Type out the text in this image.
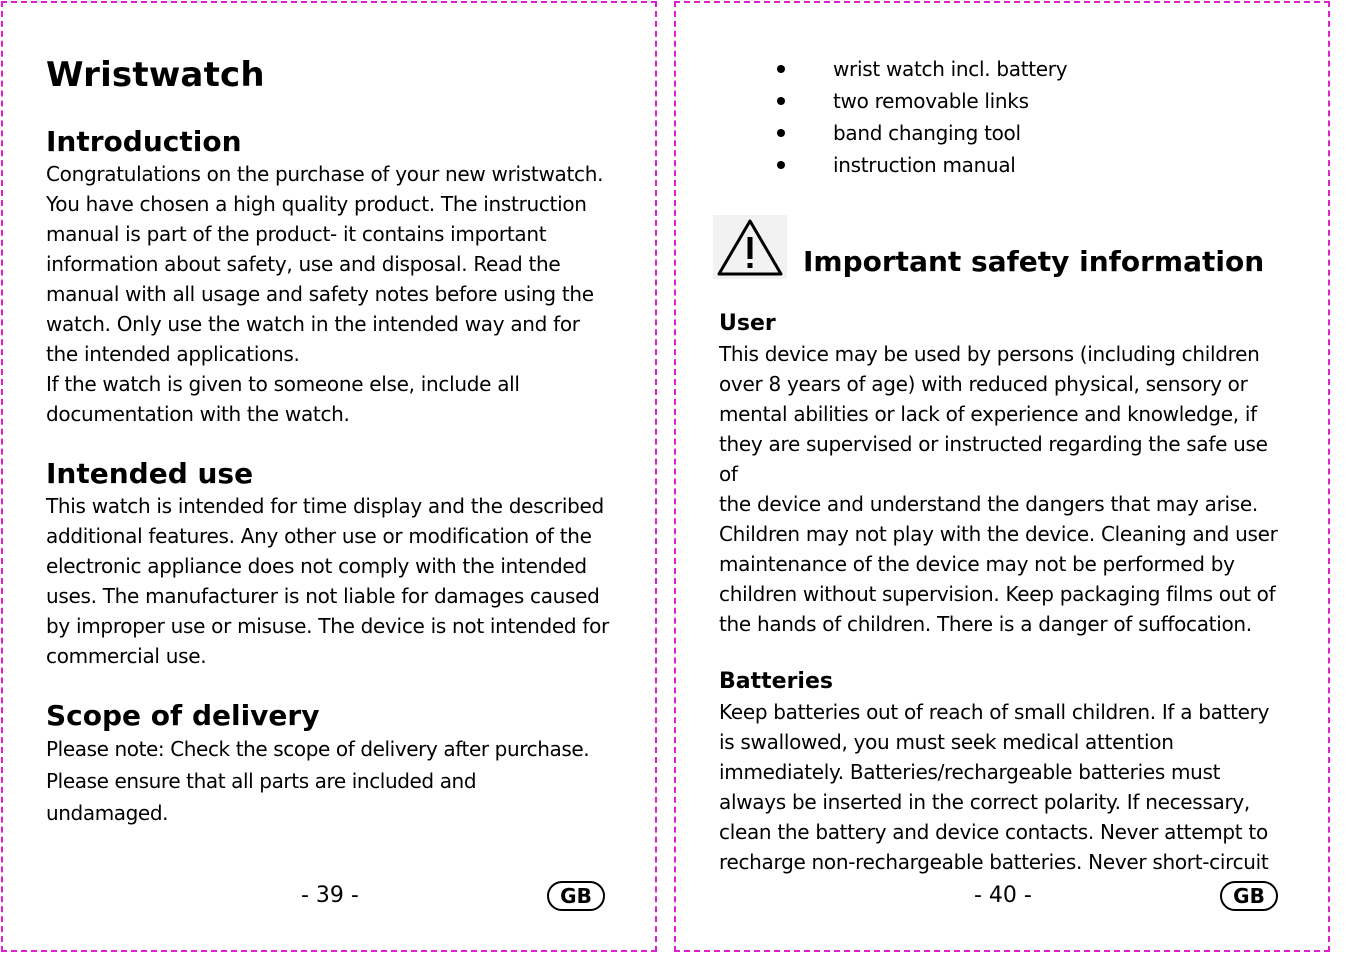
Wristwatch
Introduction

Congratulations on the purchase of your new wristwatch.
You have chosen a high quality product. The instruction
manual is part of the product- it contains important
information about safety, use and disposal. Read the
manual with all usage and safety notes before using the
watch. Only use the watch in the intended way and for
the intended applications.
If the watch is given to someone else, include all
documentation with the watch.

Intended use

This watch is intended for time display and the described
additional features. Any other use or modification of the
electronic appliance does not comply with the intended
uses. The manufacturer is not liable for damages caused
by improper use or misuse. The device is not intended for
commercial use.

Scope of delivery

Please note: Check the scope of delivery after purchase.
Please ensure that all parts are included and
undamaged.

- 39 -	GB
wrist watch incl. battery
two removable links
band changing tool
instruction manual
Important safety information
User

This device may be used by persons (including children
over 8 years of age) with reduced physical, sensory or
mental abilities or lack of experience and knowledge, if
they are supervised or instructed regarding the safe use of
the device and understand the dangers that may arise.
Children may not play with the device. Cleaning and user
maintenance of the device may not be performed by
children without supervision. Keep packaging films out of
the hands of children. There is a danger of suffocation.

Batteries

Keep batteries out of reach of small children. If a battery
is swallowed, you must seek medical attention
immediately. Batteries/rechargeable batteries must
always be inserted in the correct polarity. If necessary,
clean the battery and device contacts. Never attempt to
recharge non-rechargeable batteries. Never short-circuit

- 40 -	GB
